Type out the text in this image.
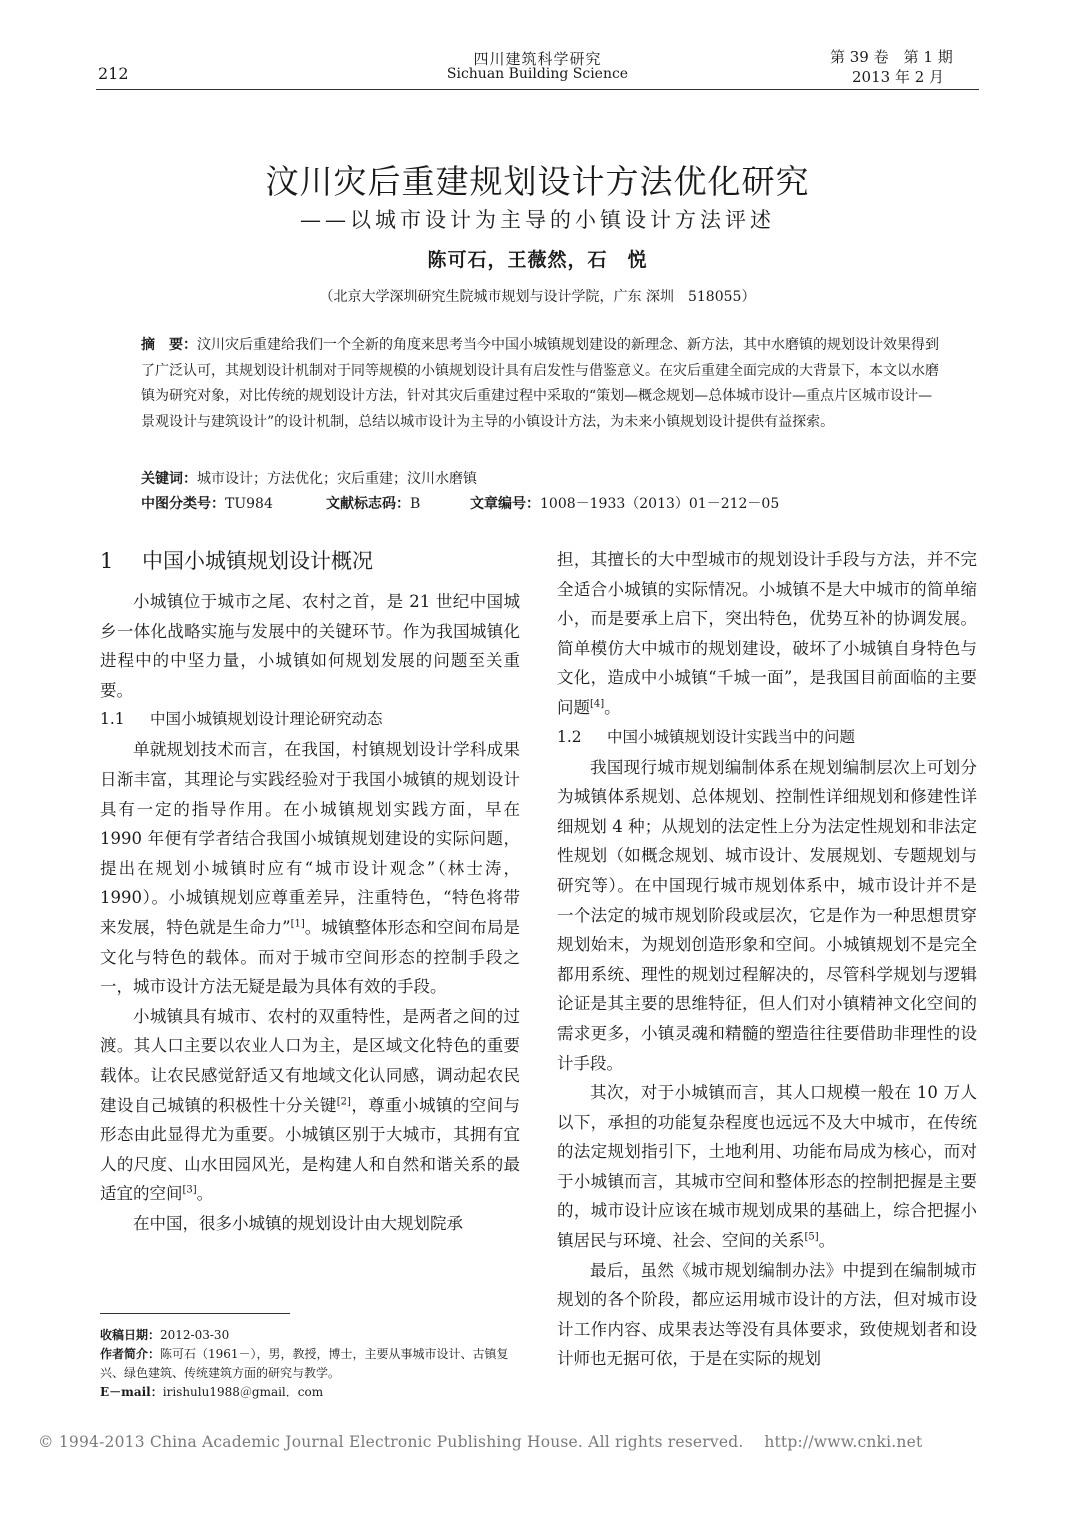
212
四川建筑科学研究
Sichuan Building Science
第 39 卷　第 1 期
2013 年 2 月
汶川灾后重建规划设计方法优化研究
——以城市设计为主导的小镇设计方法评述
陈可石，王薇然，石　悦
（北京大学深圳研究生院城市规划与设计学院，广东 深圳　518055）
摘　要：汶川灾后重建给我们一个全新的角度来思考当今中国小城镇规划建设的新理念、新方法，其中水磨镇的规划设计效果得到了广泛认可，其规划设计机制对于同等规模的小镇规划设计具有启发性与借鉴意义。在灾后重建全面完成的大背景下，本文以水磨镇为研究对象，对比传统的规划设计方法，针对其灾后重建过程中采取的“策划—概念规划—总体城市设计—重点片区城市设计—景观设计与建筑设计”的设计机制，总结以城市设计为主导的小镇设计方法，为未来小镇规划设计提供有益探索。
关键词：城市设计；方法优化；灾后重建；汶川水磨镇
中图分类号：TU984	文献标志码：B	文章编号：1008－1933（2013）01－212－05
1 中国小城镇规划设计概况

小城镇位于城市之尾、农村之首，是 21 世纪中国城乡一体化战略实施与发展中的关键环节。作为我国城镇化进程中的中坚力量，小城镇如何规划发展的问题至关重要。

1.1 中国小城镇规划设计理论研究动态

单就规划技术而言，在我国，村镇规划设计学科成果日渐丰富，其理论与实践经验对于我国小城镇的规划设计具有一定的指导作用。在小城镇规划实践方面，早在 1990 年便有学者结合我国小城镇规划建设的实际问题，提出在规划小城镇时应有“城市设计观念”（林士涛，1990）。小城镇规划应尊重差异，注重特色，“特色将带来发展，特色就是生命力”[1]。城镇整体形态和空间布局是文化与特色的载体。而对于城市空间形态的控制手段之一，城市设计方法无疑是最为具体有效的手段。

小城镇具有城市、农村的双重特性，是两者之间的过渡。其人口主要以农业人口为主，是区域文化特色的重要载体。让农民感觉舒适又有地域文化认同感，调动起农民建设自己城镇的积极性十分关键[2]，尊重小城镇的空间与形态由此显得尤为重要。小城镇区别于大城市，其拥有宜人的尺度、山水田园风光，是构建人和自然和谐关系的最适宜的空间[3]。

在中国，很多小城镇的规划设计由大规划院承

担，其擅长的大中型城市的规划设计手段与方法，并不完全适合小城镇的实际情况。小城镇不是大中城市的简单缩小，而是要承上启下，突出特色，优势互补的协调发展。简单模仿大中城市的规划建设，破坏了小城镇自身特色与文化，造成中小城镇“千城一面”，是我国目前面临的主要问题[4]。

1.2 中国小城镇规划设计实践当中的问题

我国现行城市规划编制体系在规划编制层次上可划分为城镇体系规划、总体规划、控制性详细规划和修建性详细规划 4 种；从规划的法定性上分为法定性规划和非法定性规划（如概念规划、城市设计、发展规划、专题规划与研究等）。在中国现行城市规划体系中，城市设计并不是一个法定的城市规划阶段或层次，它是作为一种思想贯穿规划始末，为规划创造形象和空间。小城镇规划不是完全都用系统、理性的规划过程解决的，尽管科学规划与逻辑论证是其主要的思维特征，但人们对小镇精神文化空间的需求更多，小镇灵魂和精髓的塑造往往要借助非理性的设计手段。

其次，对于小城镇而言，其人口规模一般在 10 万人以下，承担的功能复杂程度也远远不及大中城市，在传统的法定规划指引下，土地利用、功能布局成为核心，而对于小城镇而言，其城市空间和整体形态的控制把握是主要的，城市设计应该在城市规划成果的基础上，综合把握小镇居民与环境、社会、空间的关系[5]。

最后，虽然《城市规划编制办法》中提到在编制城市规划的各个阶段，都应运用城市设计的方法，但对城市设计工作内容、成果表达等没有具体要求，致使规划者和设计师也无据可依，于是在实际的规划

收稿日期：2012-03-30
作者简介：陈可石（1961－），男，教授，博士，主要从事城市设计、古镇复兴、绿色建筑、传统建筑方面的研究与教学。
E－mail：irishulu1988＠gmail．com
© 1994-2013 China Academic Journal Electronic Publishing House. All rights reserved.　 http://www.cnki.net
